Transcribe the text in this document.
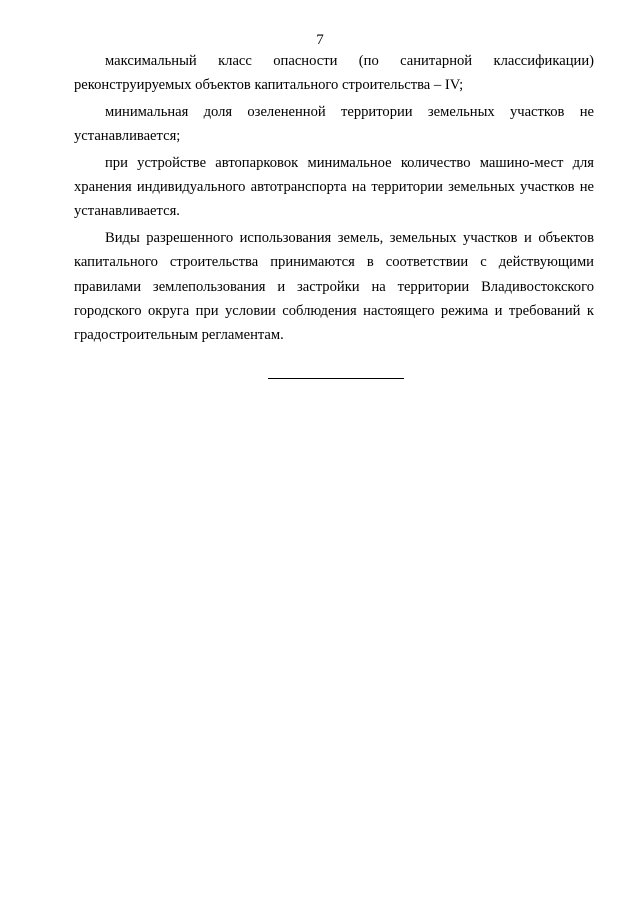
7

максимальный класс опасности (по санитарной классификации) реконструируемых объектов капитального строительства – IV;

минимальная доля озелененной территории земельных участков не устанавливается;

при устройстве автопарковок минимальное количество машино-мест для хранения индивидуального автотранспорта на территории земельных участков не устанавливается.

Виды разрешенного использования земель, земельных участков и объектов капитального строительства принимаются в соответствии с действующими правилами землепользования и застройки на территории Владивостокского городского округа при условии соблюдения настоящего режима и требований к градостроительным регламентам.
